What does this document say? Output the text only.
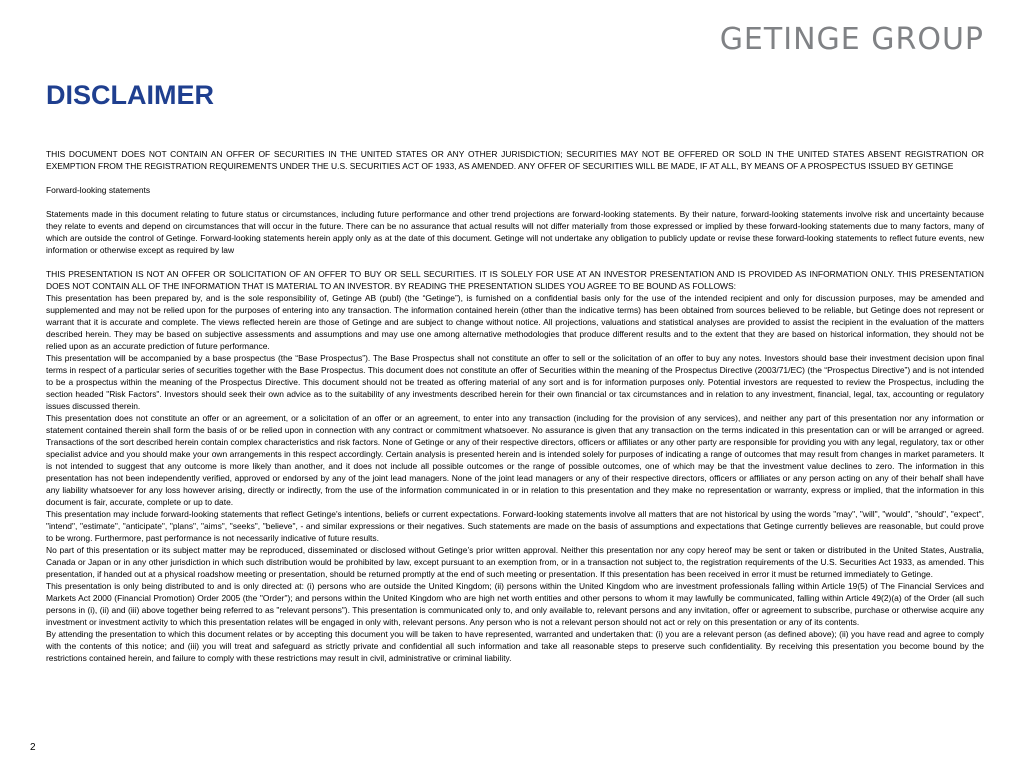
GETINGE GROUP
DISCLAIMER

THIS DOCUMENT DOES NOT CONTAIN AN OFFER OF SECURITIES IN THE UNITED STATES OR ANY OTHER JURISDICTION; SECURITIES MAY NOT BE OFFERED OR SOLD IN THE UNITED STATES ABSENT REGISTRATION OR EXEMPTION FROM THE REGISTRATION REQUIREMENTS UNDER THE U.S. SECURITIES ACT OF 1933, AS AMENDED. ANY OFFER OF SECURITIES WILL BE MADE, IF AT ALL, BY MEANS OF A PROSPECTUS ISSUED BY GETINGE

Forward-looking statements

Statements made in this document relating to future status or circumstances, including future performance and other trend projections are forward-looking statements. By their nature, forward-looking statements involve risk and uncertainty because they relate to events and depend on circumstances that will occur in the future. There can be no assurance that actual results will not differ materially from those expressed or implied by these forward-looking statements due to many factors, many of which are outside the control of Getinge. Forward-looking statements herein apply only as at the date of this document. Getinge will not undertake any obligation to publicly update or revise these forward-looking statements to reflect future events, new information or otherwise except as required by law

THIS PRESENTATION IS NOT AN OFFER OR SOLICITATION OF AN OFFER TO BUY OR SELL SECURITIES. IT IS SOLELY FOR USE AT AN INVESTOR PRESENTATION AND IS PROVIDED AS INFORMATION ONLY. THIS PRESENTATION DOES NOT CONTAIN ALL OF THE INFORMATION THAT IS MATERIAL TO AN INVESTOR. BY READING THE PRESENTATION SLIDES YOU AGREE TO BE BOUND AS FOLLOWS:

This presentation has been prepared by, and is the sole responsibility of, Getinge AB (publ) (the “Getinge”), is furnished on a confidential basis only for the use of the intended recipient and only for discussion purposes, may be amended and supplemented and may not be relied upon for the purposes of entering into any transaction. The information contained herein (other than the indicative terms) has been obtained from sources believed to be reliable, but Getinge does not represent or warrant that it is accurate and complete. The views reflected herein are those of Getinge and are subject to change without notice. All projections, valuations and statistical analyses are provided to assist the recipient in the evaluation of the matters described herein. They may be based on subjective assessments and assumptions and may use one among alternative methodologies that produce different results and to the extent that they are based on historical information, they should not be relied upon as an accurate prediction of future performance.

This presentation will be accompanied by a base prospectus (the “Base Prospectus”). The Base Prospectus shall not constitute an offer to sell or the solicitation of an offer to buy any notes. Investors should base their investment decision upon final terms in respect of a particular series of securities together with the Base Prospectus. This document does not constitute an offer of Securities within the meaning of the Prospectus Directive (2003/71/EC) (the “Prospectus Directive”) and is not intended to be a prospectus within the meaning of the Prospectus Directive. This document should not be treated as offering material of any sort and is for information purposes only. Potential investors are requested to review the Prospectus, including the section headed "Risk Factors". Investors should seek their own advice as to the suitability of any investments described herein for their own financial or tax circumstances and in relation to any investment, financial, legal, tax, accounting or regulatory issues discussed therein.

This presentation does not constitute an offer or an agreement, or a solicitation of an offer or an agreement, to enter into any transaction (including for the provision of any services), and neither any part of this presentation nor any information or statement contained therein shall form the basis of or be relied upon in connection with any contract or commitment whatsoever. No assurance is given that any transaction on the terms indicated in this presentation can or will be arranged or agreed. Transactions of the sort described herein contain complex characteristics and risk factors. None of Getinge or any of their respective directors, officers or affiliates or any other party are responsible for providing you with any legal, regulatory, tax or other specialist advice and you should make your own arrangements in this respect accordingly. Certain analysis is presented herein and is intended solely for purposes of indicating a range of outcomes that may result from changes in market parameters. It is not intended to suggest that any outcome is more likely than another, and it does not include all possible outcomes or the range of possible outcomes, one of which may be that the investment value declines to zero. The information in this presentation has not been independently verified, approved or endorsed by any of the joint lead managers. None of the joint lead managers or any of their respective directors, officers or affiliates or any person acting on any of their behalf shall have any liability whatsoever for any loss however arising, directly or indirectly, from the use of the information communicated in or in relation to this presentation and they make no representation or warranty, express or implied, that the information in this document is fair, accurate, complete or up to date.

This presentation may include forward-looking statements that reflect Getinge's intentions, beliefs or current expectations. Forward-looking statements involve all matters that are not historical by using the words "may", "will", "would", "should", "expect", "intend", "estimate", "anticipate", "plans", "aims", "seeks", "believe", - and similar expressions or their negatives. Such statements are made on the basis of assumptions and expectations that Getinge currently believes are reasonable, but could prove to be wrong. Furthermore, past performance is not necessarily indicative of future results.

No part of this presentation or its subject matter may be reproduced, disseminated or disclosed without Getinge’s prior written approval. Neither this presentation nor any copy hereof may be sent or taken or distributed in the United States, Australia, Canada or Japan or in any other jurisdiction in which such distribution would be prohibited by law, except pursuant to an exemption from, or in a transaction not subject to, the registration requirements of the U.S. Securities Act 1933, as amended. This presentation, if handed out at a physical roadshow meeting or presentation, should be returned promptly at the end of such meeting or presentation. If this presentation has been received in error it must be returned immediately to Getinge.

This presentation is only being distributed to and is only directed at: (i) persons who are outside the United Kingdom; (ii) persons within the United Kingdom who are investment professionals falling within Article 19(5) of The Financial Services and Markets Act 2000 (Financial Promotion) Order 2005 (the "Order"); and persons within the United Kingdom who are high net worth entities and other persons to whom it may lawfully be communicated, falling within Article 49(2)(a) of the Order (all such persons in (i), (ii) and (iii) above together being referred to as "relevant persons"). This presentation is communicated only to, and only available to, relevant persons and any invitation, offer or agreement to subscribe, purchase or otherwise acquire any investment or investment activity to which this presentation relates will be engaged in only with, relevant persons. Any person who is not a relevant person should not act or rely on this presentation or any of its contents.

By attending the presentation to which this document relates or by accepting this document you will be taken to have represented, warranted and undertaken that: (i) you are a relevant person (as defined above); (ii) you have read and agree to comply with the contents of this notice; and (iii) you will treat and safeguard as strictly private and confidential all such information and take all reasonable steps to preserve such confidentiality. By receiving this presentation you become bound by the restrictions contained herein, and failure to comply with these restrictions may result in civil, administrative or criminal liability.

2
